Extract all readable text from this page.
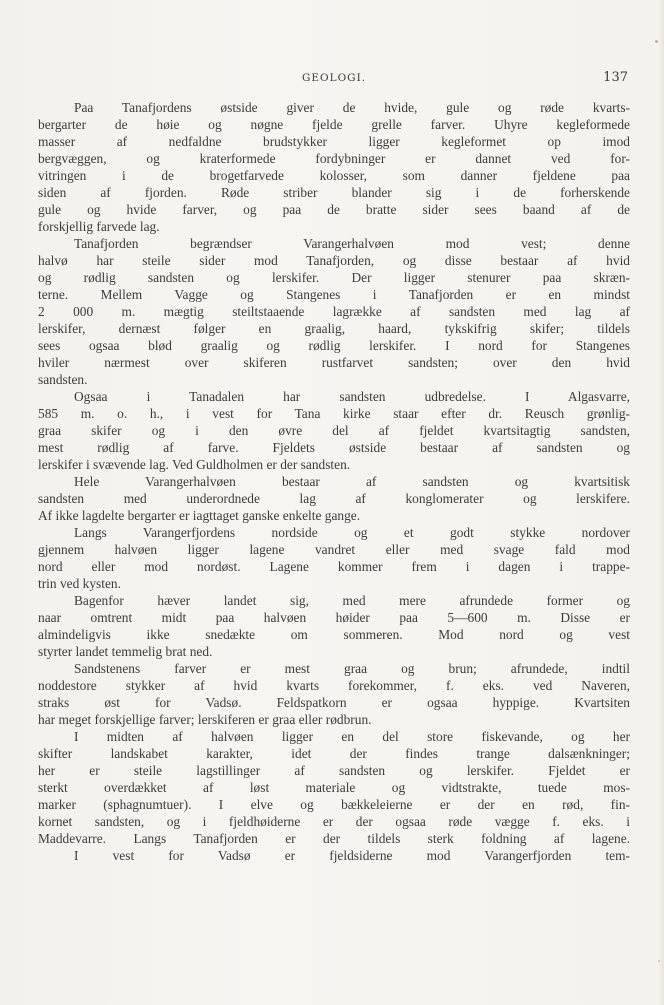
GEOLOGI.	137
Paa Tanafjordens østside giver de hvide, gule og røde kvarts-
bergarter de høie og nøgne fjelde grelle farver. Uhyre kegleformede
masser af nedfaldne brudstykker ligger kegleformet op imod
bergvæggen, og kraterformede fordybninger er dannet ved for-
vitringen i de brogetfarvede kolosser, som danner fjeldene paa
siden af fjorden. Røde striber blander sig i de forherskende
gule og hvide farver, og paa de bratte sider sees baand af de
forskjellig farvede lag.
Tanafjorden begrændser Varangerhalvøen mod vest; denne
halvø har steile sider mod Tanafjorden, og disse bestaar af hvid
og rødlig sandsten og lerskifer. Der ligger stenurer paa skræn-
terne. Mellem Vagge og Stangenes i Tanafjorden er en mindst
2 000 m. mægtig steiltstaaende lagrække af sandsten med lag af
lerskifer, dernæst følger en graalig, haard, tykskifrig skifer; tildels
sees ogsaa blød graalig og rødlig lerskifer. I nord for Stangenes
hviler nærmest over skiferen rustfarvet sandsten; over den hvid
sandsten.
Ogsaa i Tanadalen har sandsten udbredelse. I Algasvarre,
585 m. o. h., i vest for Tana kirke staar efter dr. Reusch grønlig-
graa skifer og i den øvre del af fjeldet kvartsitagtig sandsten,
mest rødlig af farve. Fjeldets østside bestaar af sandsten og
lerskifer i svævende lag. Ved Guldholmen er der sandsten.
Hele Varangerhalvøen bestaar af sandsten og kvartsitisk
sandsten med underordnede lag af konglomerater og lerskifere.
Af ikke lagdelte bergarter er iagttaget ganske enkelte gange.
Langs Varangerfjordens nordside og et godt stykke nordover
gjennem halvøen ligger lagene vandret eller med svage fald mod
nord eller mod nordøst. Lagene kommer frem i dagen i trappe-
trin ved kysten.
Bagenfor hæver landet sig, med mere afrundede former og
naar omtrent midt paa halvøen høider paa 5—600 m. Disse er
almindeligvis ikke snedækte om sommeren. Mod nord og vest
styrter landet temmelig brat ned.
Sandstenens farver er mest graa og brun; afrundede, indtil
noddestore stykker af hvid kvarts forekommer, f. eks. ved Naveren,
straks øst for Vadsø. Feldspatkorn er ogsaa hyppige. Kvartsiten
har meget forskjellige farver; lerskiferen er graa eller rødbrun.
I midten af halvøen ligger en del store fiskevande, og her
skifter landskabet karakter, idet der findes trange dalsænkninger;
her er steile lagstillinger af sandsten og lerskifer. Fjeldet er
sterkt overdækket af løst materiale og vidtstrakte, tuede mos-
marker (sphagnumtuer). I elve og bækkeleierne er der en rød, fin-
kornet sandsten, og i fjeldhøiderne er der ogsaa røde vægge f. eks. i
Maddevarre. Langs Tanafjorden er der tildels sterk foldning af lagene.
I vest for Vadsø er fjeldsiderne mod Varangerfjorden tem-
